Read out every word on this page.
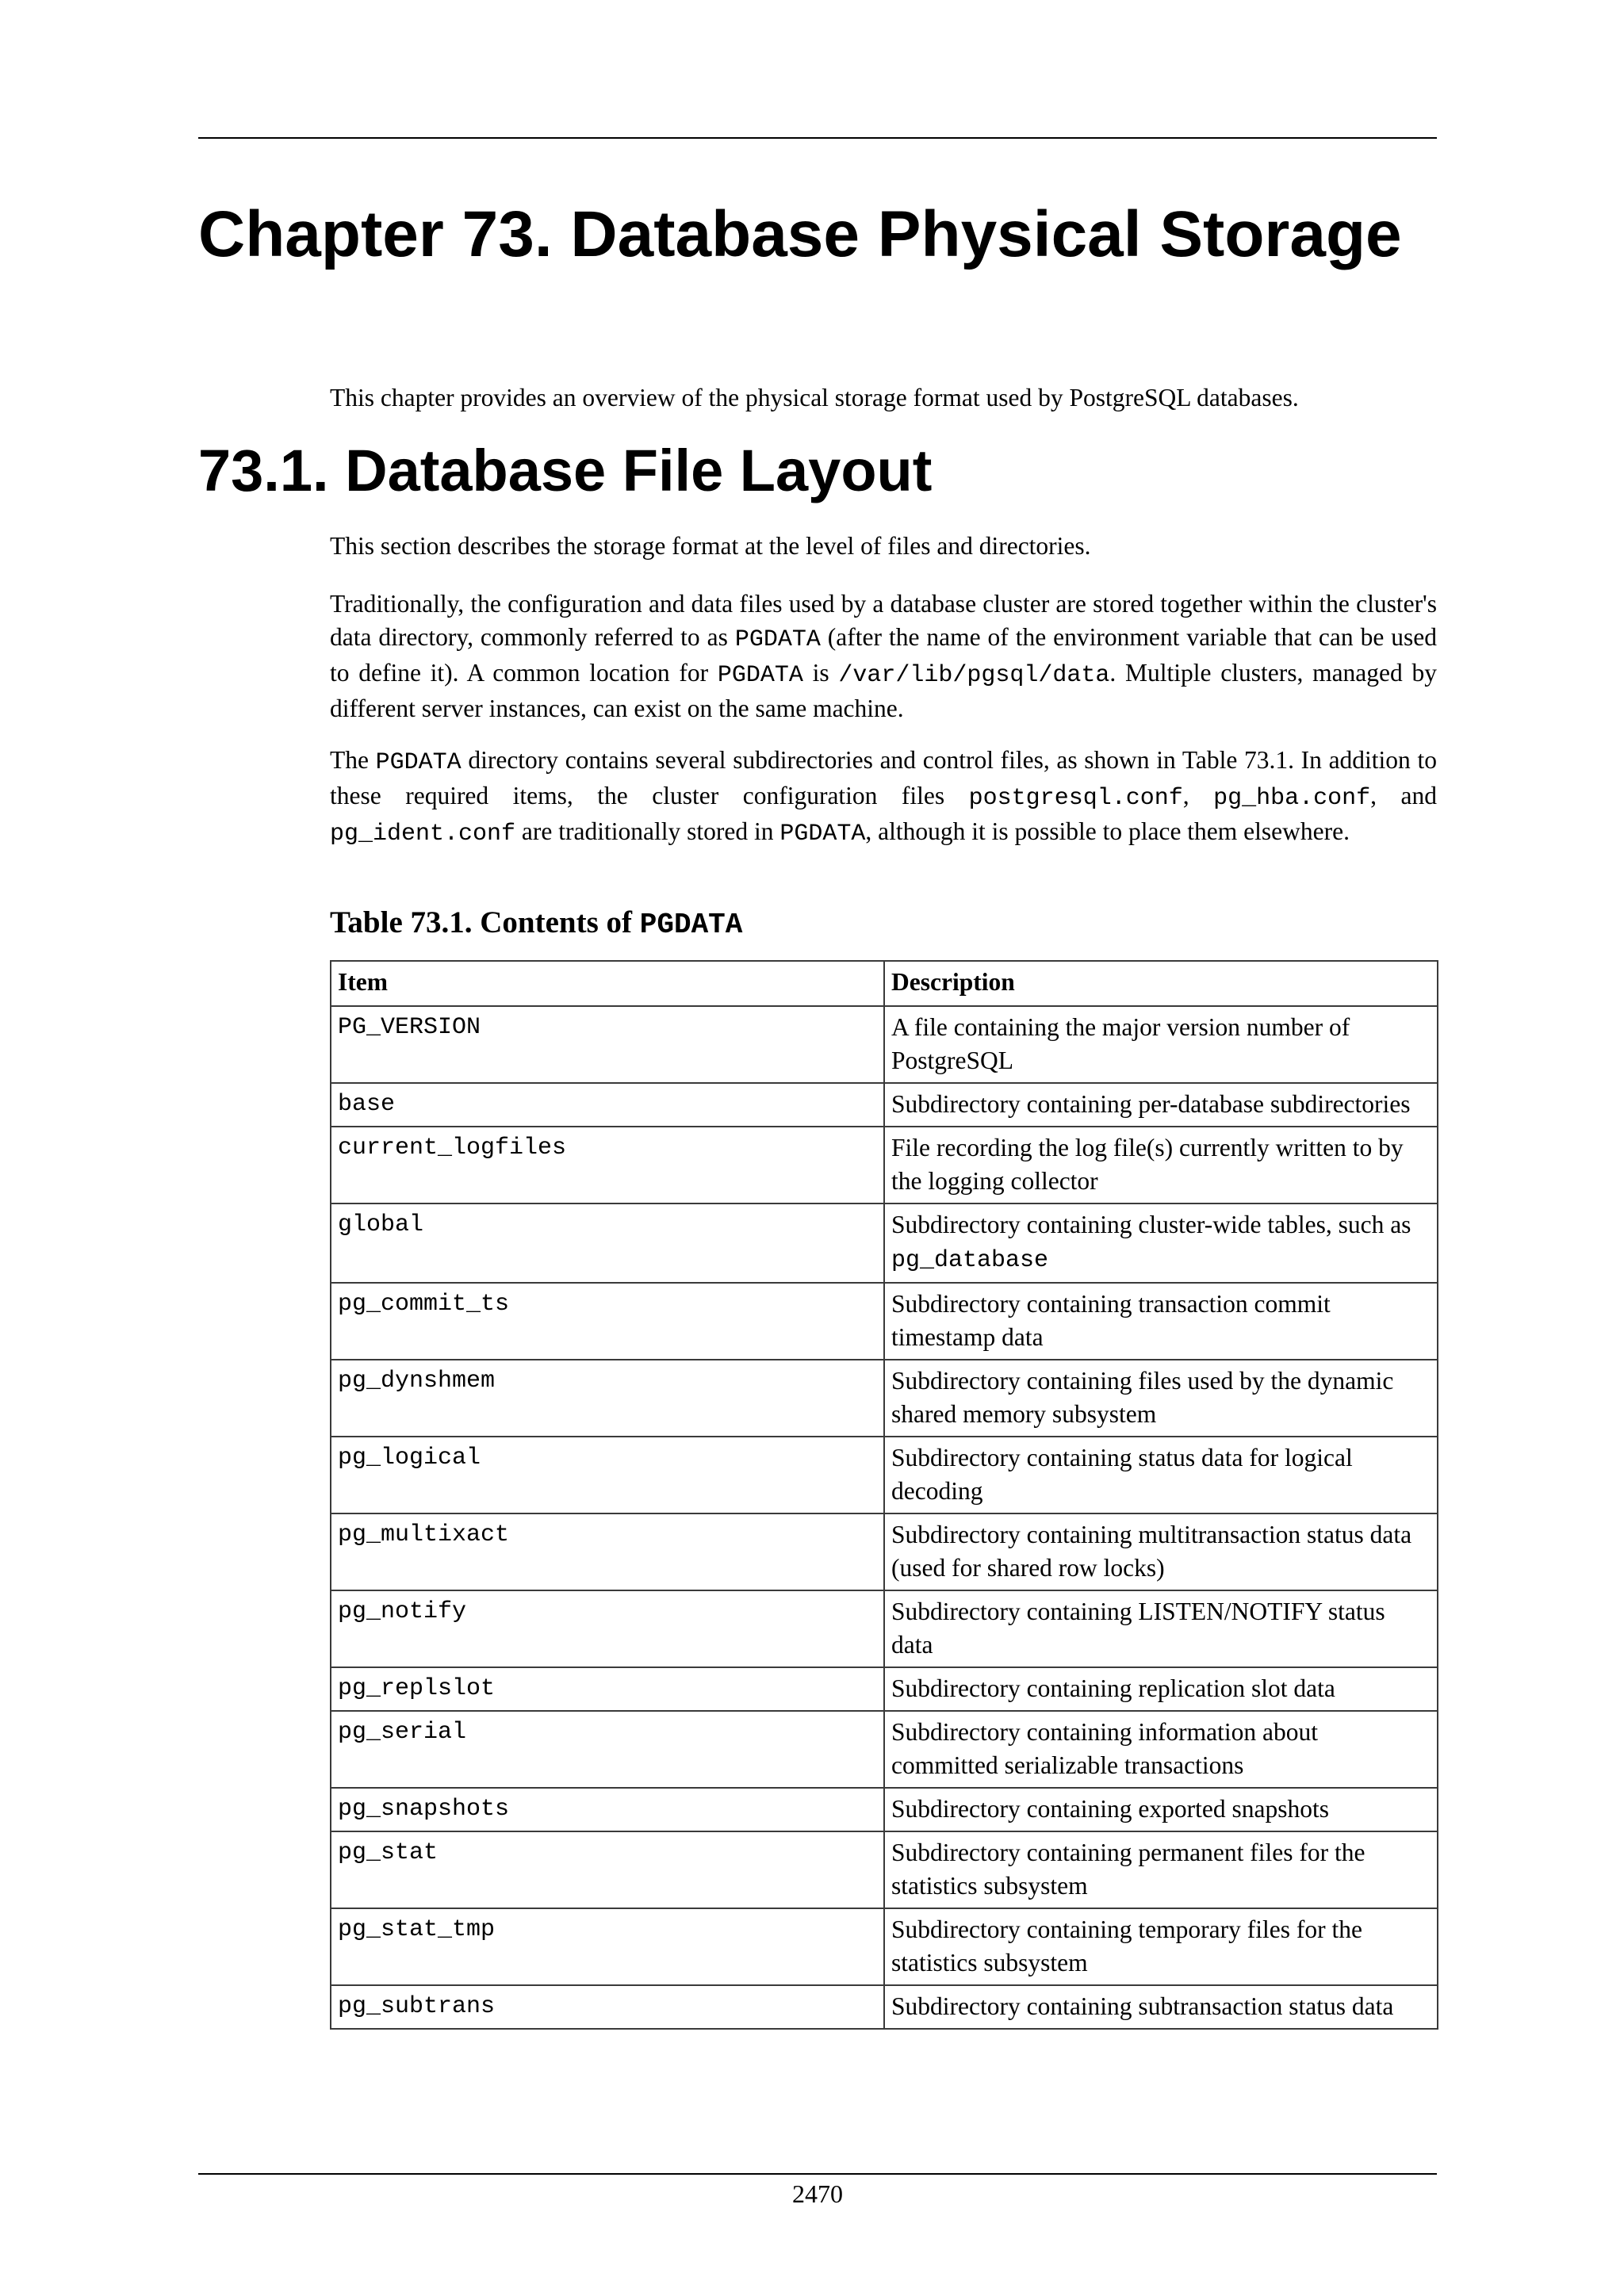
Chapter 73. Database Physical Storage

This chapter provides an overview of the physical storage format used by PostgreSQL databases.

73.1. Database File Layout

This section describes the storage format at the level of files and directories.

Traditionally, the configuration and data files used by a database cluster are stored together within the cluster's data directory, commonly referred to as PGDATA (after the name of the environment variable that can be used to define it). A common location for PGDATA is /var/lib/pgsql/data. Multiple clusters, managed by different server instances, can exist on the same machine.

The PGDATA directory contains several subdirectories and control files, as shown in Table 73.1. In addition to these required items, the cluster configuration files postgresql.conf, pg_hba.conf, and pg_ident.conf are traditionally stored in PGDATA, although it is possible to place them elsewhere.

Table 73.1. Contents of PGDATA

Item	Description
PG_VERSION	A file containing the major version number of PostgreSQL
base	Subdirectory containing per-database subdirectories
current_logfiles	File recording the log file(s) currently written to by the logging collector
global	Subdirectory containing cluster-wide tables, such as pg_database
pg_commit_ts	Subdirectory containing transaction commit timestamp data
pg_dynshmem	Subdirectory containing files used by the dynamic shared memory subsystem
pg_logical	Subdirectory containing status data for logical decoding
pg_multixact	Subdirectory containing multitransaction status data (used for shared row locks)
pg_notify	Subdirectory containing LISTEN/NOTIFY status data
pg_replslot	Subdirectory containing replication slot data
pg_serial	Subdirectory containing information about committed serializable transactions
pg_snapshots	Subdirectory containing exported snapshots
pg_stat	Subdirectory containing permanent files for the statistics subsystem
pg_stat_tmp	Subdirectory containing temporary files for the statistics subsystem
pg_subtrans	Subdirectory containing subtransaction status data

2470
